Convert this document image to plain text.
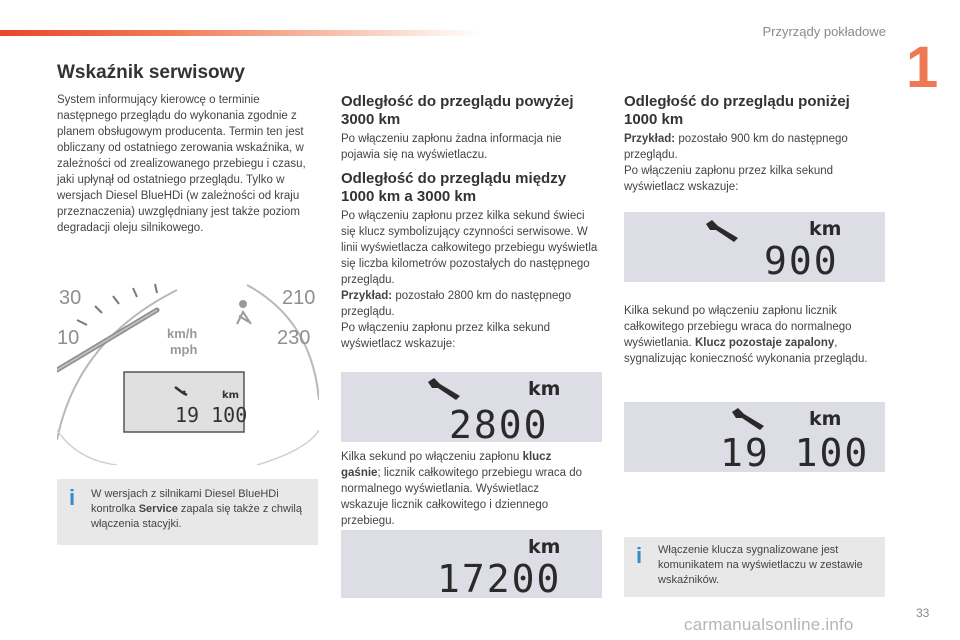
Przyrządy pokładowe
1
Wskaźnik serwisowy

System informujący kierowcę o terminie następnego przeglądu do wykonania zgodnie z planem obsługowym producenta. Termin ten jest obliczany od ostatniego zerowania wskaźnika, w zależności od zrealizowanego przebiegu i czasu, jaki upłynął od ostatniego przeglądu. Tylko w wersjach Diesel BlueHDi (w zależności od kraju przeznaczenia) uwzględniany jest także poziom degradacji oleju silnikowego.

30
10
210
230
km/h
mph
km
19 100
i W wersjach z silnikami Diesel BlueHDi kontrolka Service zapala się także z chwilą włączenia stacyjki.

Odległość do przeglądu powyżej 3000 km

Po włączeniu zapłonu żadna informacja nie pojawia się na wyświetlaczu.

Odległość do przeglądu między 1000 km a 3000 km

Po włączeniu zapłonu przez kilka sekund świeci się klucz symbolizujący czynności serwisowe. W linii wyświetlacza całkowitego przebiegu wyświetla się liczba kilometrów pozostałych do następnego przeglądu.
Przykład: pozostało 2800 km do następnego przeglądu.
Po włączeniu zapłonu przez kilka sekund wyświetlacz wskazuje:

km
2800

Kilka sekund po włączeniu zapłonu klucz gaśnie; licznik całkowitego przebiegu wraca do normalnego wyświetlania. Wyświetlacz wskazuje licznik całkowitego i dziennego przebiegu.

km
17200
Odległość do przeglądu poniżej 1000 km

Przykład: pozostało 900 km do następnego przeglądu.
Po włączeniu zapłonu przez kilka sekund wyświetlacz wskazuje:

km
900

Kilka sekund po włączeniu zapłonu licznik całkowitego przebiegu wraca do normalnego wyświetlania. Klucz pozostaje zapalony, sygnalizując konieczność wykonania przeglądu.

km
19 100
i Włączenie klucza sygnalizowane jest komunikatem na wyświetlaczu w zestawie wskaźników.

33
carmanualsonline.info
